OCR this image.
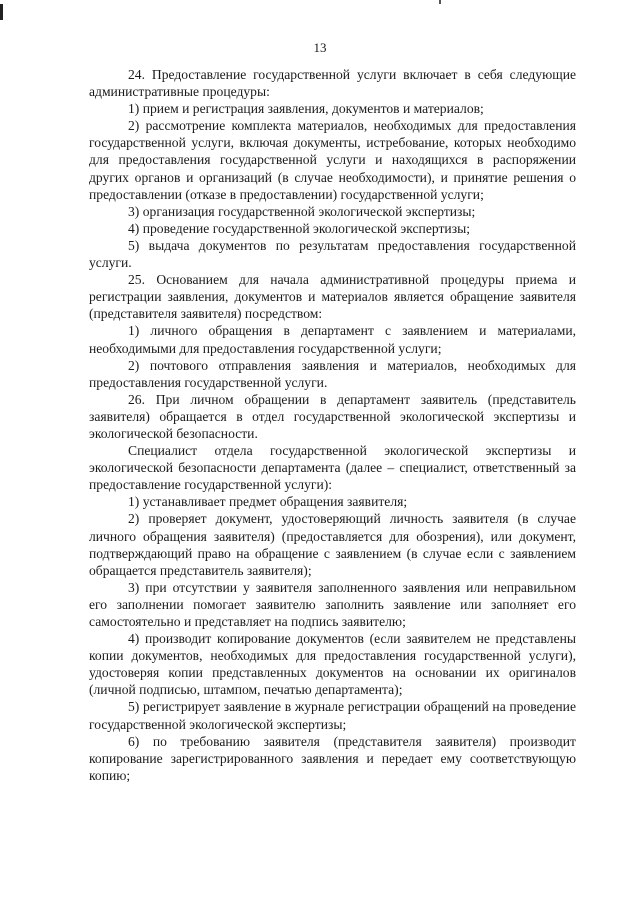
13

24. Предоставление государственной услуги включает в себя следующие административные процедуры:

1) прием и регистрация заявления, документов и материалов;

2) рассмотрение комплекта материалов, необходимых для предоставления государственной услуги, включая документы, истребование, которых необходимо для предоставления государственной услуги и находящихся в распоряжении других органов и организаций (в случае необходимости), и принятие решения о предоставлении (отказе в предоставлении) государственной услуги;

3) организация государственной экологической экспертизы;

4) проведение государственной экологической экспертизы;

5) выдача документов по результатам предоставления государственной услуги.

25. Основанием для начала административной процедуры приема и регистрации заявления, документов и материалов является обращение заявителя (представителя заявителя) посредством:

1) личного обращения в департамент с заявлением и материалами, необходимыми для предоставления государственной услуги;

2) почтового отправления заявления и материалов, необходимых для предоставления государственной услуги.

26. При личном обращении в департамент заявитель (представитель заявителя) обращается в отдел государственной экологической экспертизы и экологической безопасности.

Специалист отдела государственной экологической экспертизы и экологической безопасности департамента (далее – специалист, ответственный за предоставление государственной услуги):

1) устанавливает предмет обращения заявителя;

2) проверяет документ, удостоверяющий личность заявителя (в случае личного обращения заявителя) (предоставляется для обозрения), или документ, подтверждающий право на обращение с заявлением (в случае если с заявлением обращается представитель заявителя);

3) при отсутствии у заявителя заполненного заявления или неправильном его заполнении помогает заявителю заполнить заявление или заполняет его самостоятельно и представляет на подпись заявителю;

4) производит копирование документов (если заявителем не представлены копии документов, необходимых для предоставления государственной услуги), удостоверяя копии представленных документов на основании их оригиналов (личной подписью, штампом, печатью департамента);

5) регистрирует заявление в журнале регистрации обращений на проведение государственной экологической экспертизы;

6) по требованию заявителя (представителя заявителя) производит копирование зарегистрированного заявления и передает ему соответствующую копию;
